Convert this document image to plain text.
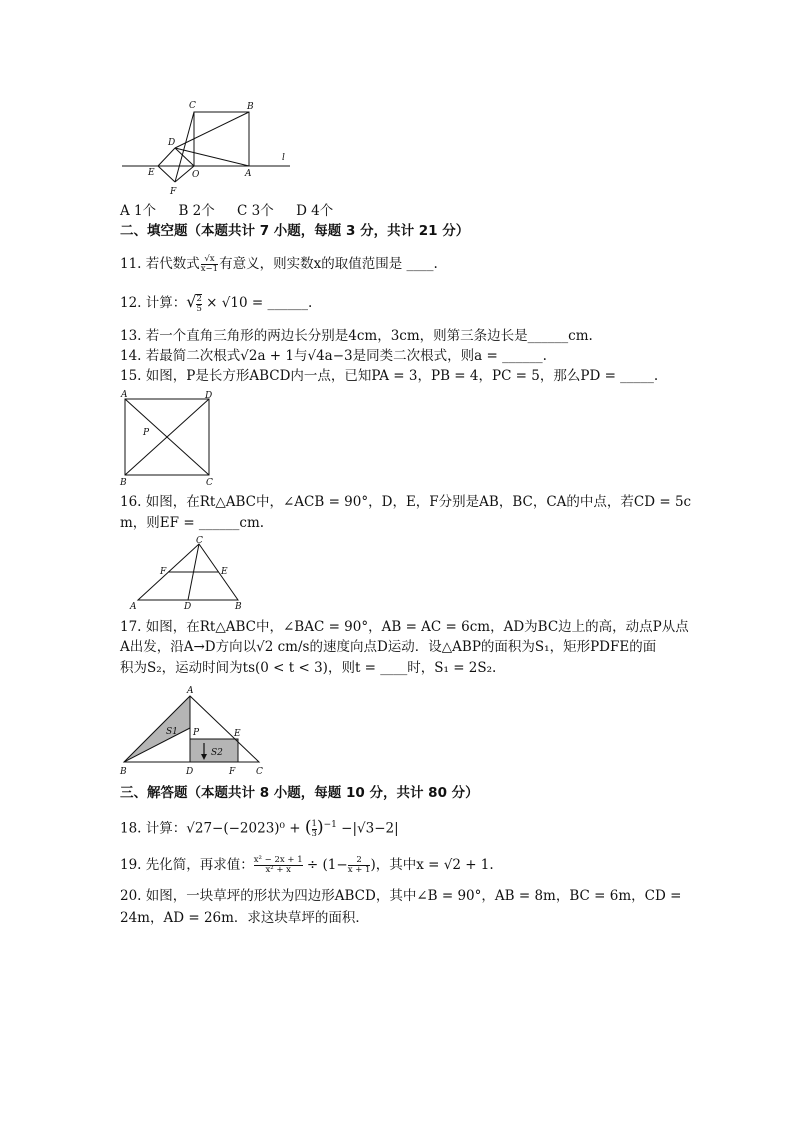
C	B
D
E
F
O	A
l
A 1个 B 2个 C 3个 D 4个
二、填空题（本题共计 7 小题，每题 3 分，共计 21 分）
11. 若代数式 $\frac{√x}{x-1}$ 有意义，则实数x的取值范围是 ____.
12. 计算：√ $\frac{2}{5} \times √10$ = ______.
13. 若一个直角三角形的两边长分别是4cm，3cm，则第三条边长是______cm.
14. 若最简二次根式√2a + 1与√4a−3是同类二次根式，则a = ______.
15. 如图，P是长方形ABCD内一点，已知PA = 3，PB = 4，PC = 5，那么PD = _____.
A	D
P
B	C
16. 如图，在Rt△ABC中，∠ACB = 90°，D，E，F分别是AB，BC，CA的中点，若CD = 5c
m，则EF = ______cm.
C
F	E
A	D	B
17. 如图，在Rt△ABC中，∠BAC = 90°，AB = AC = 6cm，AD为BC边上的高，动点P从点
A出发，沿A→D方向以√2 cm/s的速度向点D运动．设△ABP的面积为S₁，矩形PDFE的面
积为S₂，运动时间为ts(0 < t < 3)，则t = ____时，S₁ = 2S₂.
A
S1 P	E
S2
B	D	F C
三、解答题（本题共计 8 小题，每题 10 分，共计 80 分）
18. 计算：√27−(−2023)⁰ + ( $\frac{1}{3} )^{-1} -|√3-2|$
19. 先化简，再求值： $\frac{\text{x² − 2x + 1}}{\text{x² + x}} \div (1- \frac{2}{x + 1}$ )，其中x = √2 + 1.
20. 如图，一块草坪的形状为四边形ABCD，其中∠B = 90°，AB = 8m，BC = 6m，CD =
24m，AD = 26m．求这块草坪的面积．
